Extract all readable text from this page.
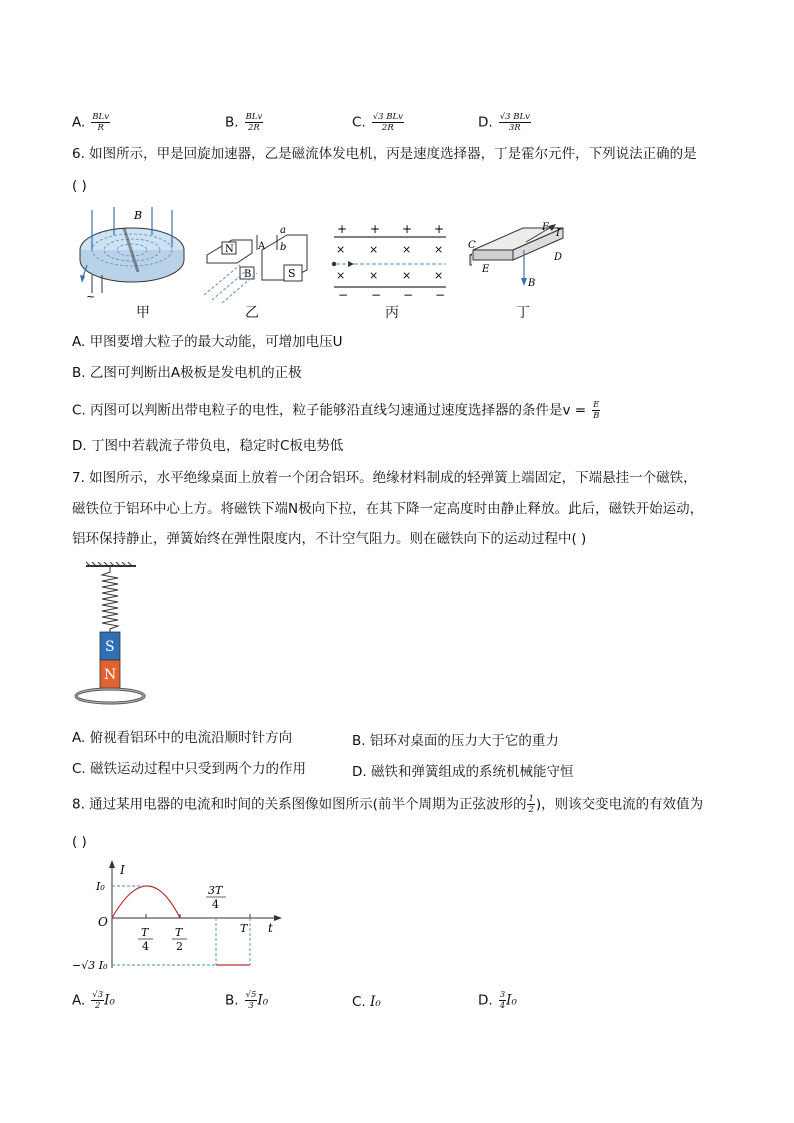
A. $\frac{\text{BLv}}{R}$	B. $\frac{\text{BLv}}{2R}$	C. $\frac{\text{√3 BLv}}{2R}$	D. $\frac{\text{√3 BLv}}{3R}$
6. 如图所示，甲是回旋加速器，乙是磁流体发电机，丙是速度选择器，丁是霍尔元件，下列说法正确的是
( )
~
B
a
b
N
B
A
S
+ + + +
× × × ×
× × × ×
− − − −
F
I
C
D
E
B
甲	乙	丙	丁
A. 甲图要增大粒子的最大动能，可增加电压U
B. 乙图可判断出A极板是发电机的正极
C. 丙图可以判断出带电粒子的电性，粒子能够沿直线匀速通过速度选择器的条件是$v = \frac{E}{B}$
D. 丁图中若载流子带负电，稳定时C板电势低
7. 如图所示，水平绝缘桌面上放着一个闭合铝环。绝缘材料制成的轻弹簧上端固定，下端悬挂一个磁铁，
磁铁位于铝环中心上方。将磁铁下端N极向下拉，在其下降一定高度时由静止释放。此后，磁铁开始运动，
铝环保持静止，弹簧始终在弹性限度内，不计空气阻力。则在磁铁向下的运动过程中( )
S
N
A. 俯视看铝环中的电流沿顺时针方向	B. 铝环对桌面的压力大于它的重力
C. 磁铁运动过程中只受到两个力的作用	D. 磁铁和弹簧组成的系统机械能守恒
8. 通过某用电器的电流和时间的关系图像如图所示(前半个周期为正弦波形的 $\frac{1}{2}$ )，则该交变电流的有效值为
( )
I
t
O
I₀
−√3 I₀
T
4
T
2
3T
4
T
A. $\frac{√3}{2} I_0$	B. $\frac{√5}{3} I_0$	C. I₀	D. $\frac{3}{4} I_0$
